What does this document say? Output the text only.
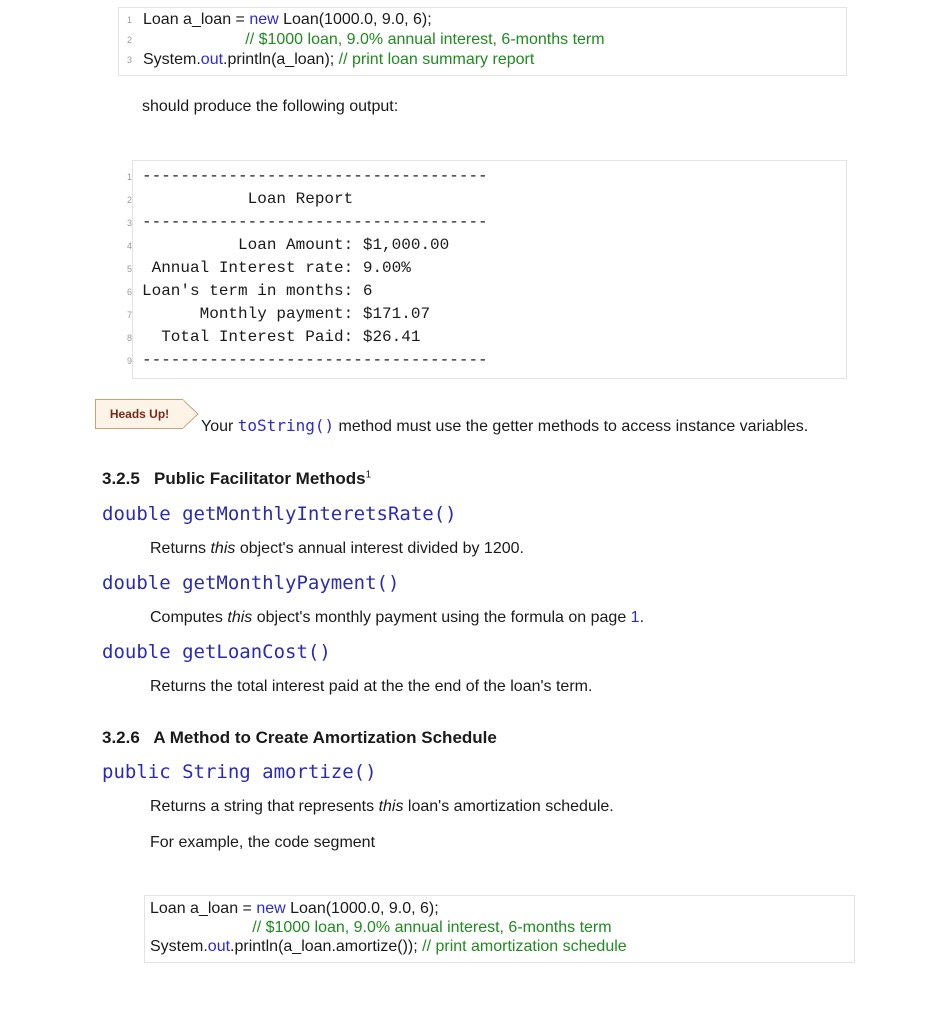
1 Loan a_loan = new Loan(1000.0, 9.0, 6);
2 // $1000 loan, 9.0% annual interest, 6-months term
3 System.out.println(a_loan); // print loan summary report
should produce the following output:
1 ------------------------------------
2 Loan Report
3 ------------------------------------
4 Loan Amount: $1,000.00
5 Annual Interest rate: 9.00%
6 Loan's term in months: 6
7 Monthly payment: $171.07
8 Total Interest Paid: $26.41
9 ------------------------------------
Heads Up!
Your toString() method must use the getter methods to access instance variables.
3.2.5 Public Facilitator Methods$^1$
double getMonthlyInteretsRate()
Returns this object's annual interest divided by 1200.
double getMonthlyPayment()
Computes this object's monthly payment using the formula on page 1.
double getLoanCost()
Returns the total interest paid at the the end of the loan's term.
3.2.6 A Method to Create Amortization Schedule
public String amortize()
Returns a string that represents this loan's amortization schedule.
For example, the code segment
Loan a_loan = new Loan(1000.0, 9.0, 6);
// $1000 loan, 9.0% annual interest, 6-months term
System.out.println(a_loan.amortize()); // print amortization schedule
